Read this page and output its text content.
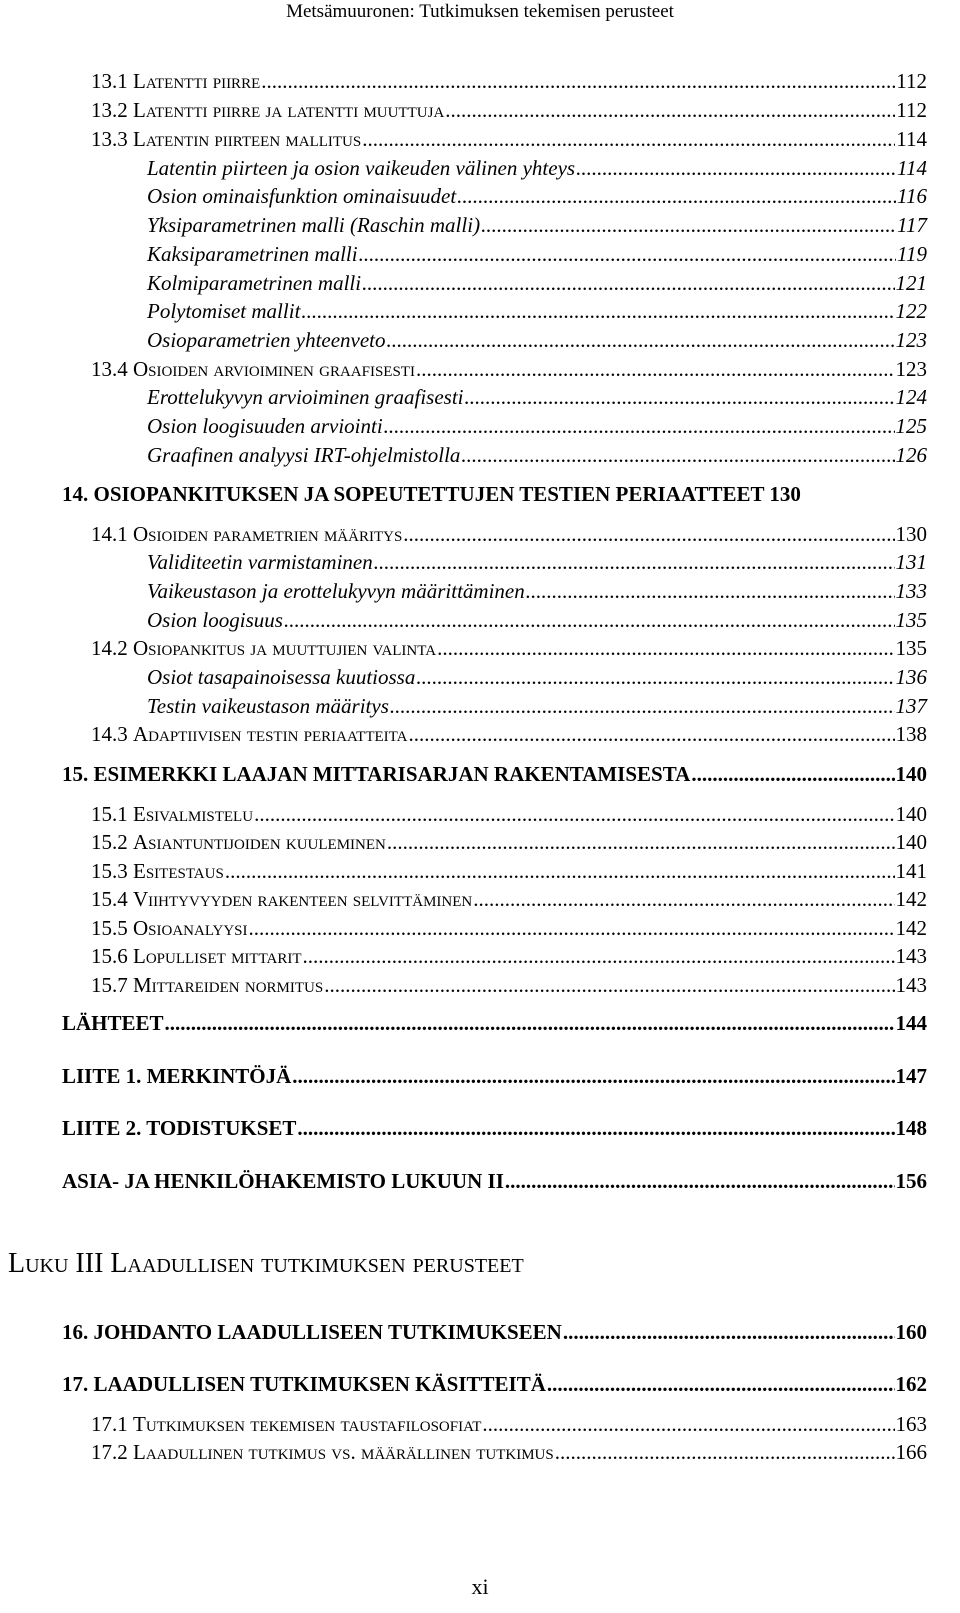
Metsämuuronen: Tutkimuksen tekemisen perusteet
13.1 Latentti piirre .....	112
13.2 Latentti piirre ja latentti muuttuja .....	112
13.3 Latentin piirteen mallitus .....	114
Latentin piirteen ja osion vaikeuden välinen yhteys .....	114
Osion ominaisfunktion ominaisuudet .....	116
Yksiparametrinen malli (Raschin malli) .....	117
Kaksiparametrinen malli .....	119
Kolmiparametrinen malli .....	121
Polytomiset mallit .....	122
Osioparametrien yhteenveto .....	123
13.4 Osioiden arvioiminen graafisesti .....	123
Erottelukyvyn arvioiminen graafisesti .....	124
Osion loogisuuden arviointi .....	125
Graafinen analyysi IRT-ohjelmistolla .....	126
14. OSIOPANKITUKSEN JA SOPEUTETTUJEN TESTIEN PERIAATTEET 130
14.1 Osioiden parametrien määritys .....	130
Validiteetin varmistaminen .....	131
Vaikeustason ja erottelukyvyn määrittäminen .....	133
Osion loogisuus .....	135
14.2 Osiopankitus ja muuttujien valinta .....	135
Osiot tasapainoisessa kuutiossa .....	136
Testin vaikeustason määritys .....	137
14.3 Adaptiivisen testin periaatteita .....	138
15. ESIMERKKI LAAJAN MITTARISARJAN RAKENTAMISESTA .....	140
15.1 Esivalmistelu .....	140
15.2 Asiantuntijoiden kuuleminen .....	140
15.3 Esitestaus .....	141
15.4 Viihtyvyyden rakenteen selvittäminen .....	142
15.5 Osioanalyysi .....	142
15.6 Lopulliset mittarit .....	143
15.7 Mittareiden normitus .....	143
LÄHTEET .....	144
LIITE 1. MERKINTÖJÄ .....	147
LIITE 2. TODISTUKSET .....	148
ASIA- JA HENKILÖHAKEMISTO LUKUUN II .....	156
16. JOHDANTO LAADULLISEEN TUTKIMUKSEEN .....	160
17. LAADULLISEN TUTKIMUKSEN KÄSITTEITÄ .....	162
17.1 Tutkimuksen tekemisen taustafilosofiat .....	163
17.2 Laadullinen tutkimus vs. määrällinen tutkimus .....	166
Luku III Laadullisen tutkimuksen perusteet
xi
